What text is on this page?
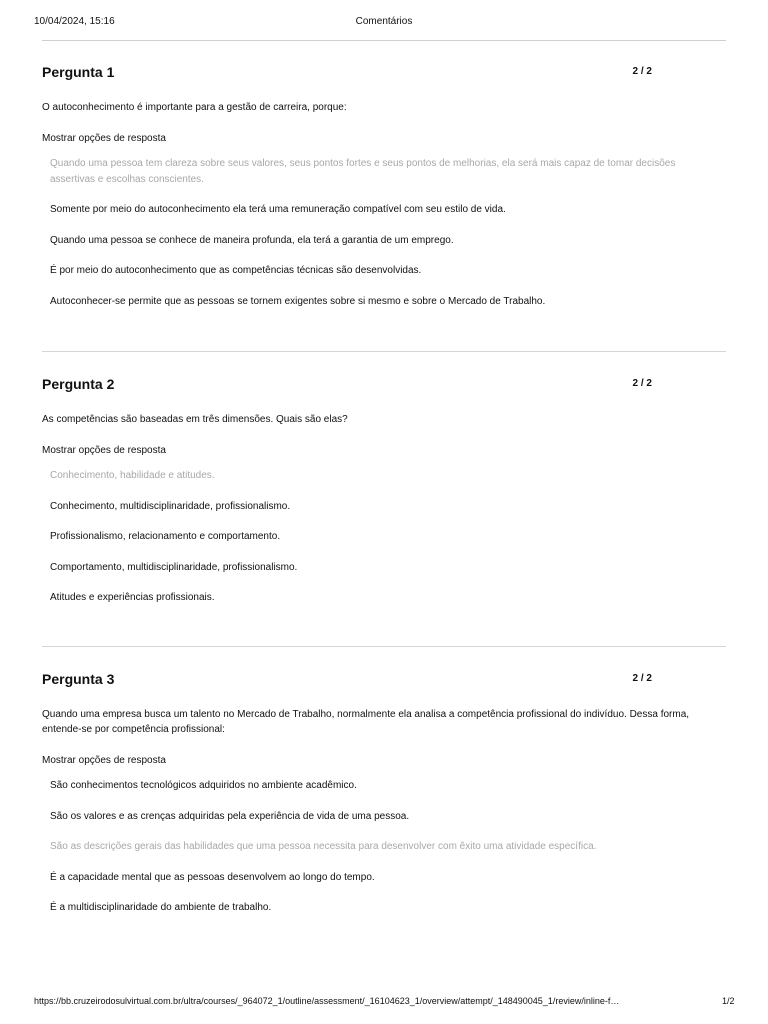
10/04/2024, 15:16	Comentários
Pergunta 1	2 / 2
O autoconhecimento é importante para a gestão de carreira, porque:
Mostrar opções de resposta
Quando uma pessoa tem clareza sobre seus valores, seus pontos fortes e seus pontos de melhorias, ela será mais capaz de tomar decisões assertivas e escolhas conscientes.
Somente por meio do autoconhecimento ela terá uma remuneração compatível com seu estilo de vida.
Quando uma pessoa se conhece de maneira profunda, ela terá a garantia de um emprego.
É por meio do autoconhecimento que as competências técnicas são desenvolvidas.
Autoconhecer-se permite que as pessoas se tornem exigentes sobre si mesmo e sobre o Mercado de Trabalho.
Pergunta 2	2 / 2
As competências são baseadas em três dimensões. Quais são elas?
Mostrar opções de resposta
Conhecimento, habilidade e atitudes.
Conhecimento, multidisciplinaridade, profissionalismo.
Profissionalismo, relacionamento e comportamento.
Comportamento, multidisciplinaridade, profissionalismo.
Atitudes e experiências profissionais.
Pergunta 3	2 / 2
Quando uma empresa busca um talento no Mercado de Trabalho, normalmente ela analisa a competência profissional do indivíduo. Dessa forma, entende-se por competência profissional:
Mostrar opções de resposta
São conhecimentos tecnológicos adquiridos no ambiente acadêmico.
São os valores e as crenças adquiridas pela experiência de vida de uma pessoa.
São as descrições gerais das habilidades que uma pessoa necessita para desenvolver com êxito uma atividade específica.
É a capacidade mental que as pessoas desenvolvem ao longo do tempo.
É a multidisciplinaridade do ambiente de trabalho.
https://bb.cruzeirodosulvirtual.com.br/ultra/courses/_964072_1/outline/assessment/_16104623_1/overview/attempt/_148490045_1/review/inline-f…	1/2
